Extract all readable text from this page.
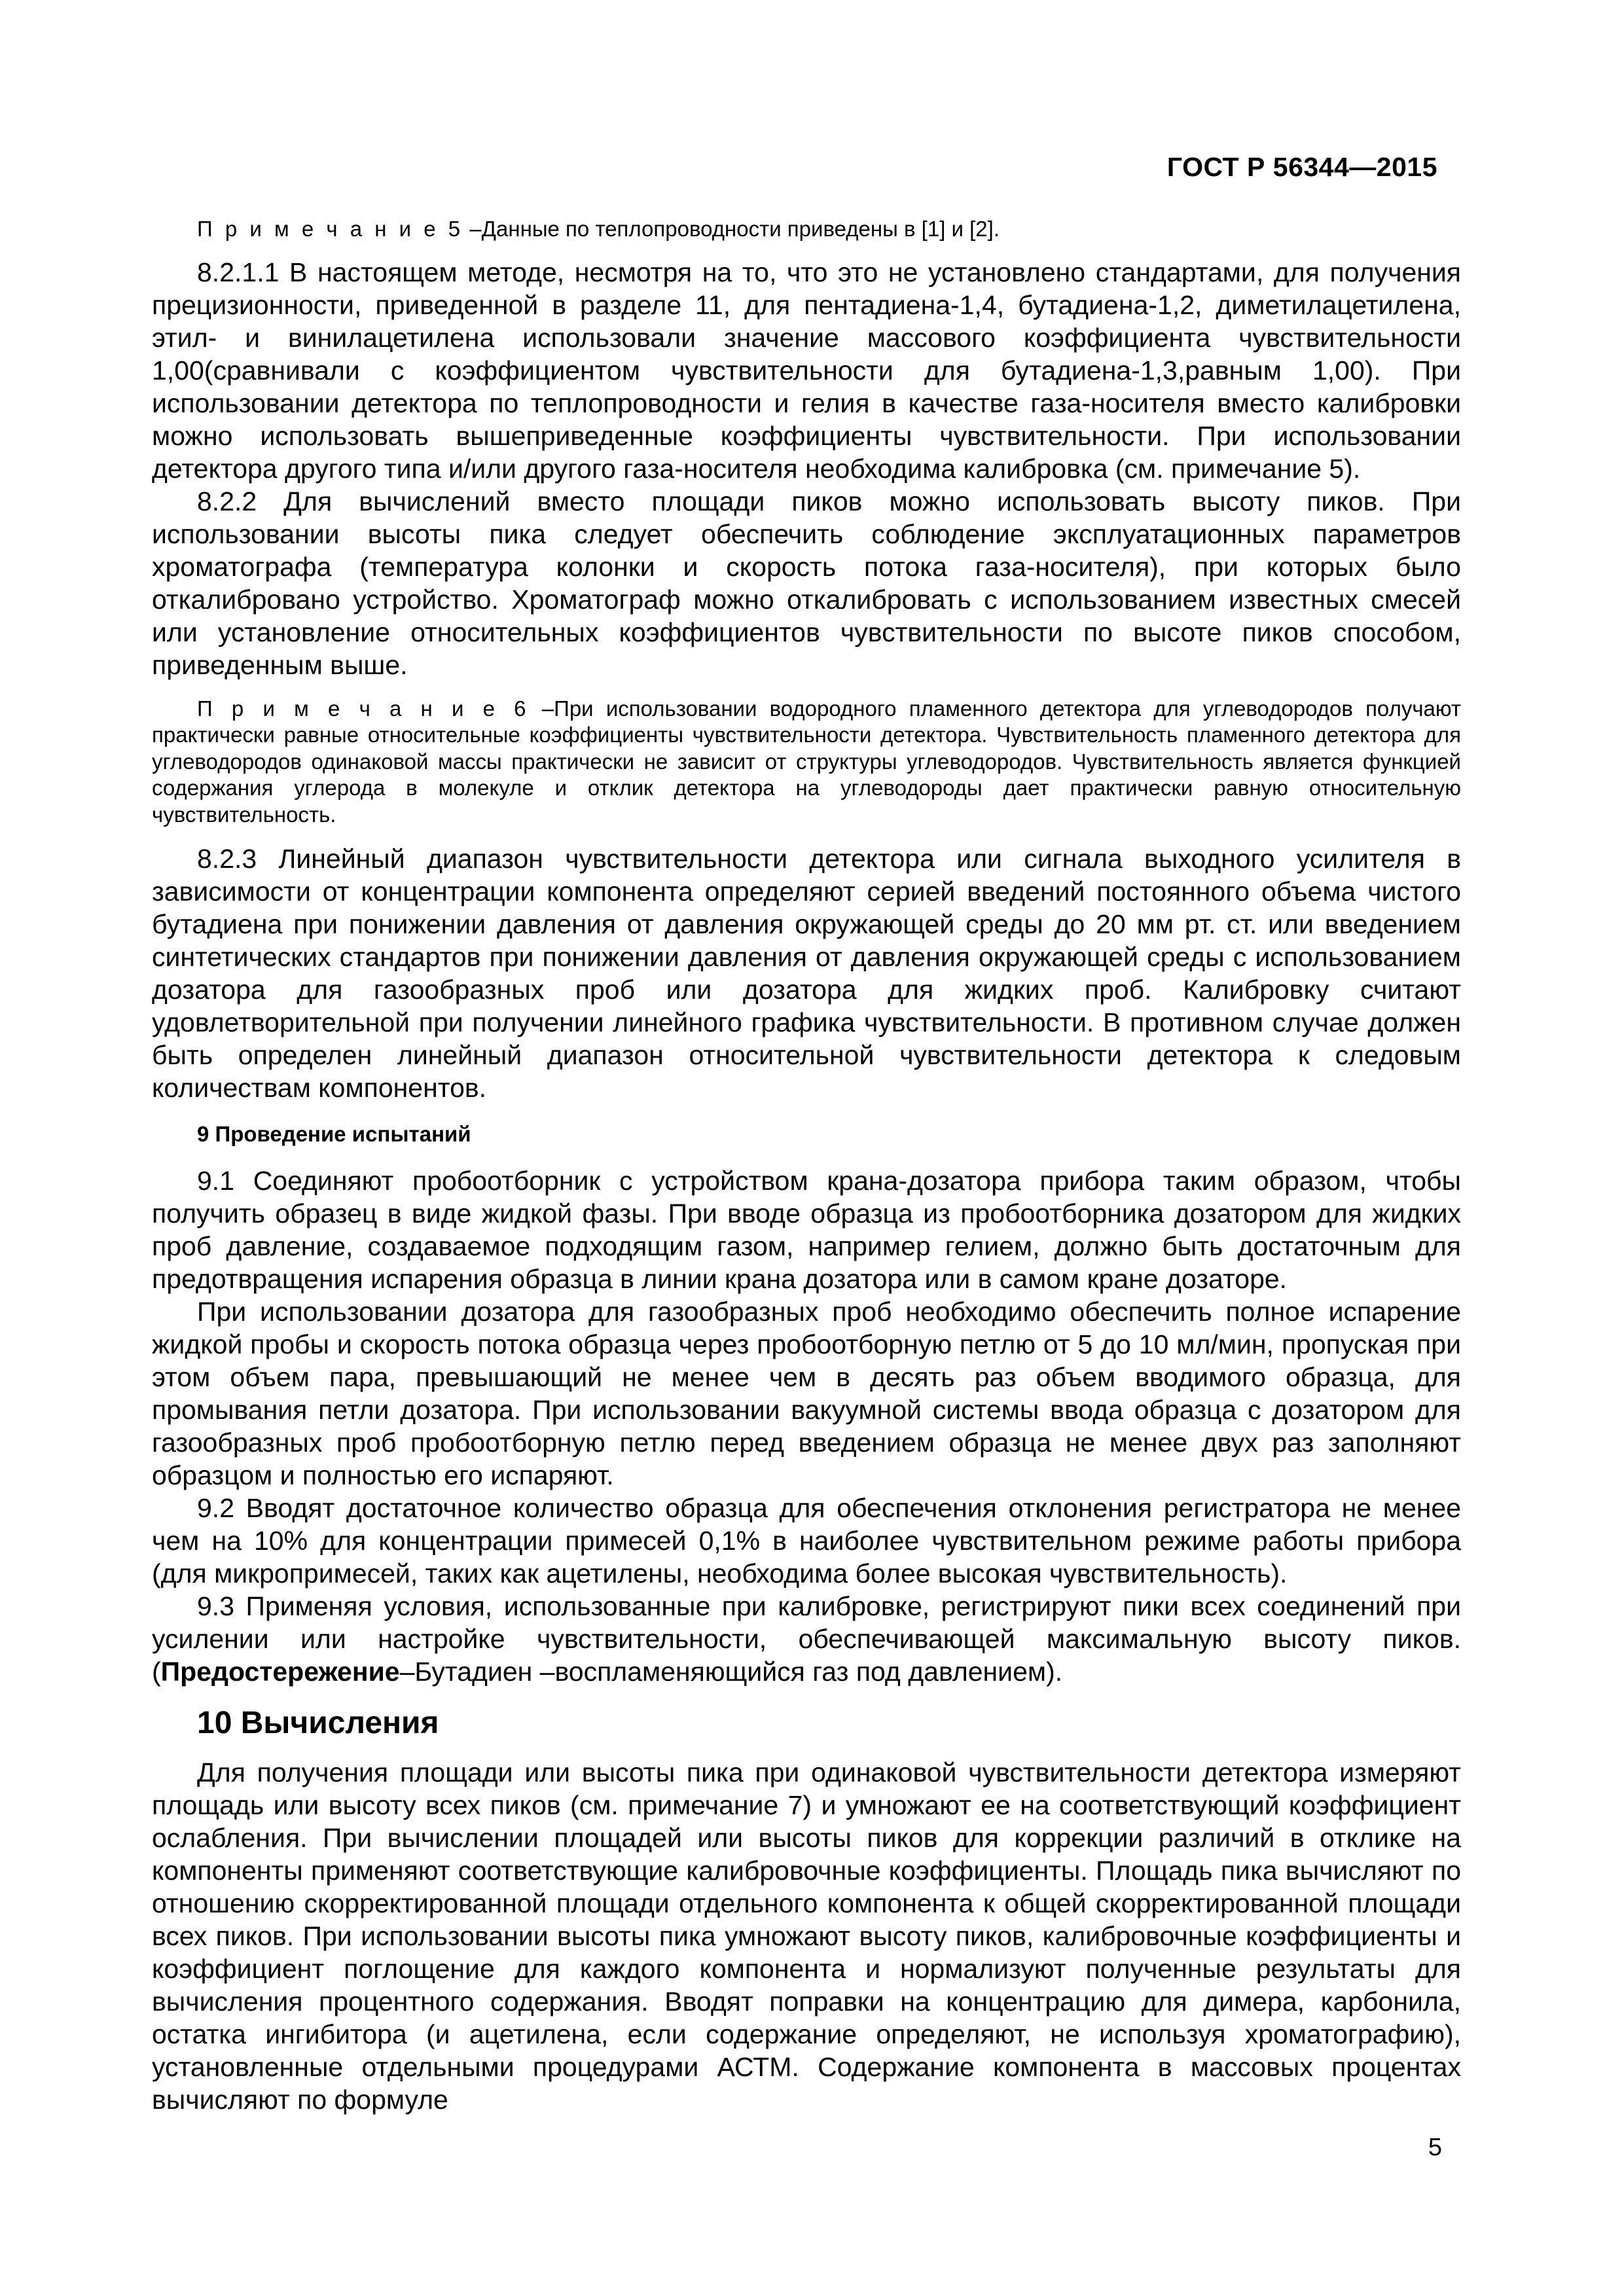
ГОСТ Р 56344—2015

П р и м е ч а н и е 5 –Данные по теплопроводности приведены в [1] и [2].

8.2.1.1 В настоящем методе, несмотря на то, что это не установлено стандартами, для получения прецизионности, приведенной в разделе 11, для пентадиена-1,4, бутадиена-1,2, диметилацетилена, этил- и винилацетилена использовали значение массового коэффициента чувствительности 1,00(сравнивали с коэффициентом чувствительности для бутадиена-1,3,равным 1,00). При использовании детектора по теплопроводности и гелия в качестве газа-носителя вместо калибровки можно использовать вышеприведенные коэффициенты чувствительности. При использовании детектора другого типа и/или другого газа-носителя необходима калибровка (см. примечание 5).

8.2.2 Для вычислений вместо площади пиков можно использовать высоту пиков. При использовании высоты пика следует обеспечить соблюдение эксплуатационных параметров хроматографа (температура колонки и скорость потока газа-носителя), при которых было откалибровано устройство. Хроматограф можно откалибровать с использованием известных смесей или установление относительных коэффициентов чувствительности по высоте пиков способом, приведенным выше.

П р и м е ч а н и е 6 –При использовании водородного пламенного детектора для углеводородов получают практически равные относительные коэффициенты чувствительности детектора. Чувствительность пламенного детектора для углеводородов одинаковой массы практически не зависит от структуры углеводородов. Чувствительность является функцией содержания углерода в молекуле и отклик детектора на углеводороды дает практически равную относительную чувствительность.

8.2.3 Линейный диапазон чувствительности детектора или сигнала выходного усилителя в зависимости от концентрации компонента определяют серией введений постоянного объема чистого бутадиена при понижении давления от давления окружающей среды до 20 мм рт. ст. или введением синтетических стандартов при понижении давления от давления окружающей среды с использованием дозатора для газообразных проб или дозатора для жидких проб. Калибровку считают удовлетворительной при получении линейного графика чувствительности. В противном случае должен быть определен линейный диапазон относительной чувствительности детектора к следовым количествам компонентов.

9 Проведение испытаний

9.1 Соединяют пробоотборник с устройством крана-дозатора прибора таким образом, чтобы получить образец в виде жидкой фазы. При вводе образца из пробоотборника дозатором для жидких проб давление, создаваемое подходящим газом, например гелием, должно быть достаточным для предотвращения испарения образца в линии крана дозатора или в самом кране дозаторе.

При использовании дозатора для газообразных проб необходимо обеспечить полное испарение жидкой пробы и скорость потока образца через пробоотборную петлю от 5 до 10 мл/мин, пропуская при этом объем пара, превышающий не менее чем в десять раз объем вводимого образца, для промывания петли дозатора. При использовании вакуумной системы ввода образца с дозатором для газообразных проб пробоотборную петлю перед введением образца не менее двух раз заполняют образцом и полностью его испаряют.

9.2 Вводят достаточное количество образца для обеспечения отклонения регистратора не менее чем на 10% для концентрации примесей 0,1% в наиболее чувствительном режиме работы прибора (для микропримесей, таких как ацетилены, необходима более высокая чувствительность).

9.3 Применяя условия, использованные при калибровке, регистрируют пики всех соединений при усилении или настройке чувствительности, обеспечивающей максимальную высоту пиков. (Предостережение–Бутадиен –воспламеняющийся газ под давлением).

10 Вычисления

Для получения площади или высоты пика при одинаковой чувствительности детектора измеряют площадь или высоту всех пиков (см. примечание 7) и умножают ее на соответствующий коэффициент ослабления. При вычислении площадей или высоты пиков для коррекции различий в отклике на компоненты применяют соответствующие калибровочные коэффициенты. Площадь пика вычисляют по отношению скорректированной площади отдельного компонента к общей скорректированной площади всех пиков. При использовании высоты пика умножают высоту пиков, калибровочные коэффициенты и коэффициент поглощение для каждого компонента и нормализуют полученные результаты для вычисления процентного содержания. Вводят поправки на концентрацию для димера, карбонила, остатка ингибитора (и ацетилена, если содержание определяют, не используя хроматографию), установленные отдельными процедурами АСТМ. Содержание компонента в массовых процентах вычисляют по формуле

5
